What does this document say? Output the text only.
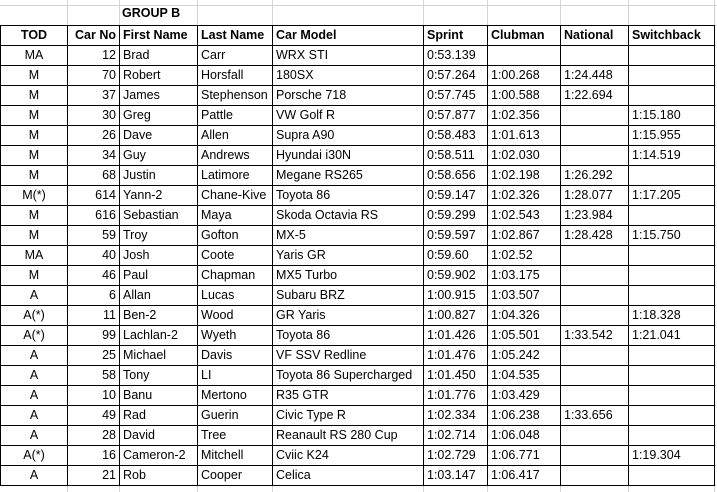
GROUP B
TOD	Car No	First Name	Last Name	Car Model	Sprint	Clubman	National	Switchback
MA	12	Brad	Carr	WRX STI	0:53.139			
M	70	Robert	Horsfall	180SX	0:57.264	1:00.268	1:24.448	
M	37	James	Stephenson	Porsche 718	0:57.745	1:00.588	1:22.694	
M	30	Greg	Pattle	VW Golf R	0:57.877	1:02.356		1:15.180
M	26	Dave	Allen	Supra A90	0:58.483	1:01.613		1:15.955
M	34	Guy	Andrews	Hyundai i30N	0:58.511	1:02.030		1:14.519
M	68	Justin	Latimore	Megane RS265	0:58.656	1:02.198	1:26.292	
M(*)	614	Yann-2	Chane-Kive	Toyota 86	0:59.147	1:02.326	1:28.077	1:17.205
M	616	Sebastian	Maya	Skoda Octavia RS	0:59.299	1:02.543	1:23.984	
M	59	Troy	Gofton	MX-5	0:59.597	1:02.867	1:28.428	1:15.750
MA	40	Josh	Coote	Yaris GR	0:59.60	1:02.52		
M	46	Paul	Chapman	MX5 Turbo	0:59.902	1:03.175		
A	6	Allan	Lucas	Subaru BRZ	1:00.915	1:03.507		
A(*)	11	Ben-2	Wood	GR Yaris	1:00.827	1:04.326		1:18.328
A(*)	99	Lachlan-2	Wyeth	Toyota 86	1:01.426	1:05.501	1:33.542	1:21.041
A	25	Michael	Davis	VF SSV Redline	1:01.476	1:05.242		
A	58	Tony	LI	Toyota 86 Supercharged	1:01.450	1:04.535		
A	10	Banu	Mertono	R35 GTR	1:01.776	1:03.429		
A	49	Rad	Guerin	Civic Type R	1:02.334	1:06.238	1:33.656	
A	28	David	Tree	Reanault RS 280 Cup	1:02.714	1:06.048		
A(*)	16	Cameron-2	Mitchell	Cviic K24	1:02.729	1:06.771		1:19.304
A	21	Rob	Cooper	Celica	1:03.147	1:06.417		
